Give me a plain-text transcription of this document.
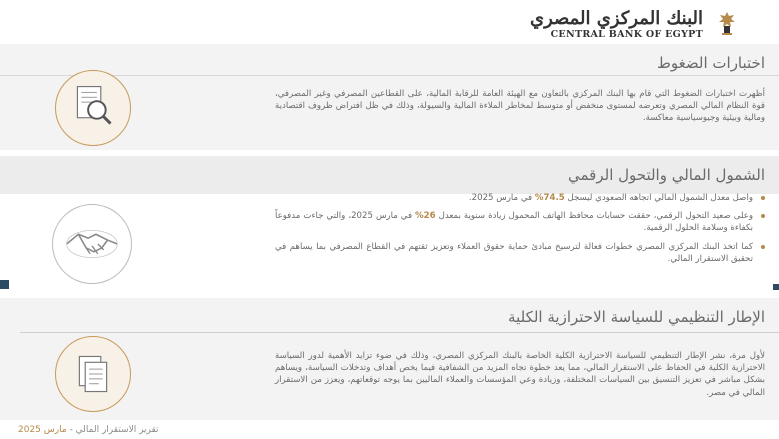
البنك المركزي المصري
CENTRAL BANK OF EGYPT
اختبارات الضغوط
أظهرت اختبارات الضغوط التي قام بها البنك المركزي بالتعاون مع الهيئة العامة للرقابة المالية، على القطاعين المصرفي وغير المصرفي، قوة النظام المالي المصري وتعرضه لمستوى منخفض أو متوسط لمخاطر الملاءة المالية والسيولة، وذلك في ظل افتراض ظروف اقتصادية ومالية وبيئية وجيوسياسية معاكسة.
الشمول المالي والتحول الرقمي
واصل معدل الشمول المالي اتجاهه الصعودي ليسجل 74.5% في مارس 2025.
وعلى صعيد التحول الرقمي، حققت حسابات محافظ الهاتف المحمول زيادة سنوية بمعدل 26% في مارس 2025، والتي جاءت مدفوعاً بكفاءة وسلامة الحلول الرقمية.
كما اتخذ البنك المركزي المصري خطوات فعالة لترسيخ مبادئ حماية حقوق العملاء وتعزيز ثقتهم في القطاع المصرفي بما يساهم في تحقيق الاستقرار المالي.
الإطار التنظيمي للسياسة الاحترازية الكلية
لأول مرة، نشر الإطار التنظيمي للسياسة الاحترازية الكلية الخاصة بالبنك المركزي المصري، وذلك في ضوء تزايد الأهمية لدور السياسة الاحترازية الكلية في الحفاظ على الاستقرار المالي، مما يعد خطوة تجاه المزيد من الشفافية فيما يخص أهداف وتدخلات السياسة، ويساهم بشكل مباشر في تعزيز التنسيق بين السياسات المختلفة، وزيادة وعي المؤسسات والعملاء الماليين بما يوجه توقعاتهم، ويعزز من الاستقرار المالي في مصر.
تقرير الاستقرار المالي - مارس 2025
